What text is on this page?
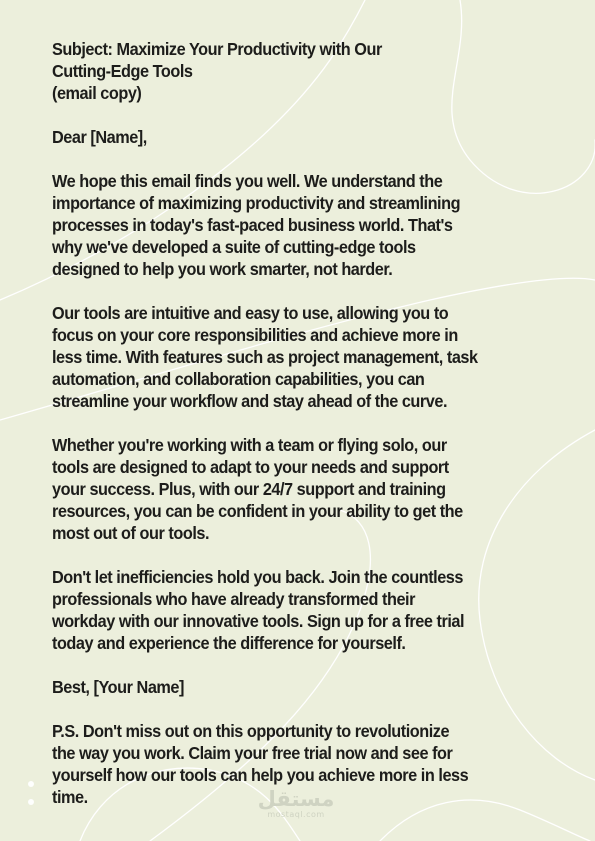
Subject: Maximize Your Productivity with Our
Cutting-Edge Tools
(email copy)
Dear [Name],
We hope this email finds you well. We understand the
importance of maximizing productivity and streamlining
processes in today's fast-paced business world. That's
why we've developed a suite of cutting-edge tools
designed to help you work smarter, not harder.
Our tools are intuitive and easy to use, allowing you to
focus on your core responsibilities and achieve more in
less time. With features such as project management, task
automation, and collaboration capabilities, you can
streamline your workflow and stay ahead of the curve.
Whether you're working with a team or flying solo, our
tools are designed to adapt to your needs and support
your success. Plus, with our 24/7 support and training
resources, you can be confident in your ability to get the
most out of our tools.
Don't let inefficiencies hold you back. Join the countless
professionals who have already transformed their
workday with our innovative tools. Sign up for a free trial
today and experience the difference for yourself.
Best, [Your Name]
P.S. Don't miss out on this opportunity to revolutionize
the way you work. Claim your free trial now and see for
yourself how our tools can help you achieve more in less
time.	مستقل
mostaql.com
